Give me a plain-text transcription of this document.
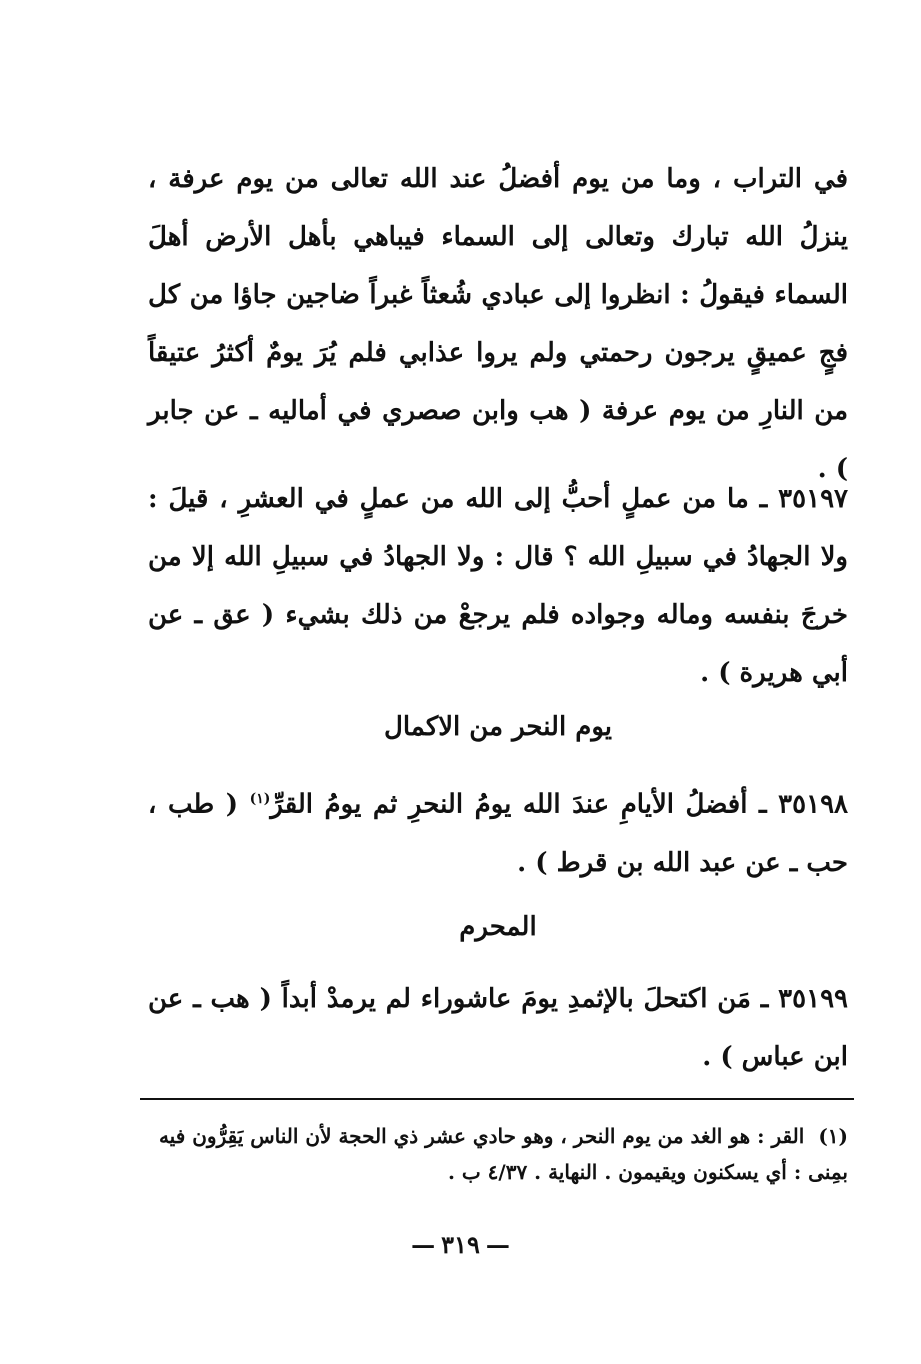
في التراب ، وما من يوم أفضلُ عند الله تعالى من يوم عرفة ، ينزلُ الله تبارك وتعالى إلى السماء فيباهي بأهل الأرض أهلَ السماء فيقولُ : انظروا إلى عبادي شُعثاً غبراً ضاجين جاؤا من كل فجٍ عميقٍ يرجون رحمتي ولم يروا عذابي فلم يُرَ يومٌ أكثرُ عتيقاً من النارِ من يوم عرفة ( هب وابن صصري في أماليه ـ عن جابر ) .

٣٥١٩٧ ـ ما من عملٍ أحبُّ إلى الله من عملٍ في العشرِ ، قيلَ : ولا الجهادُ في سبيلِ الله ؟ قال : ولا الجهادُ في سبيلِ الله إلا من خرجَ بنفسه وماله وجواده فلم يرجعْ من ذلك بشيء ( عق ـ عن أبي هريرة ) .

يوم النحر من الاكمال

٣٥١٩٨ ـ أفضلُ الأيامِ عندَ الله يومُ النحرِ ثم يومُ القرِّ$^{(١)}$ ( طب ، حب ـ عن عبد الله بن قرط ) .

المحرم

٣٥١٩٩ ـ مَن اكتحلَ بالإثمدِ يومَ عاشوراء لم يرمدْ أبداً ( هب ـ عن ابن عباس ) .

(١)القر : هو الغد من يوم النحر ، وهو حادي عشر ذي الحجة لأن الناس يَقِرُّون فيه بمِنى : أي يسكنون ويقيمون . النهاية . ٤/٣٧ ب .

— ٣١٩ —
